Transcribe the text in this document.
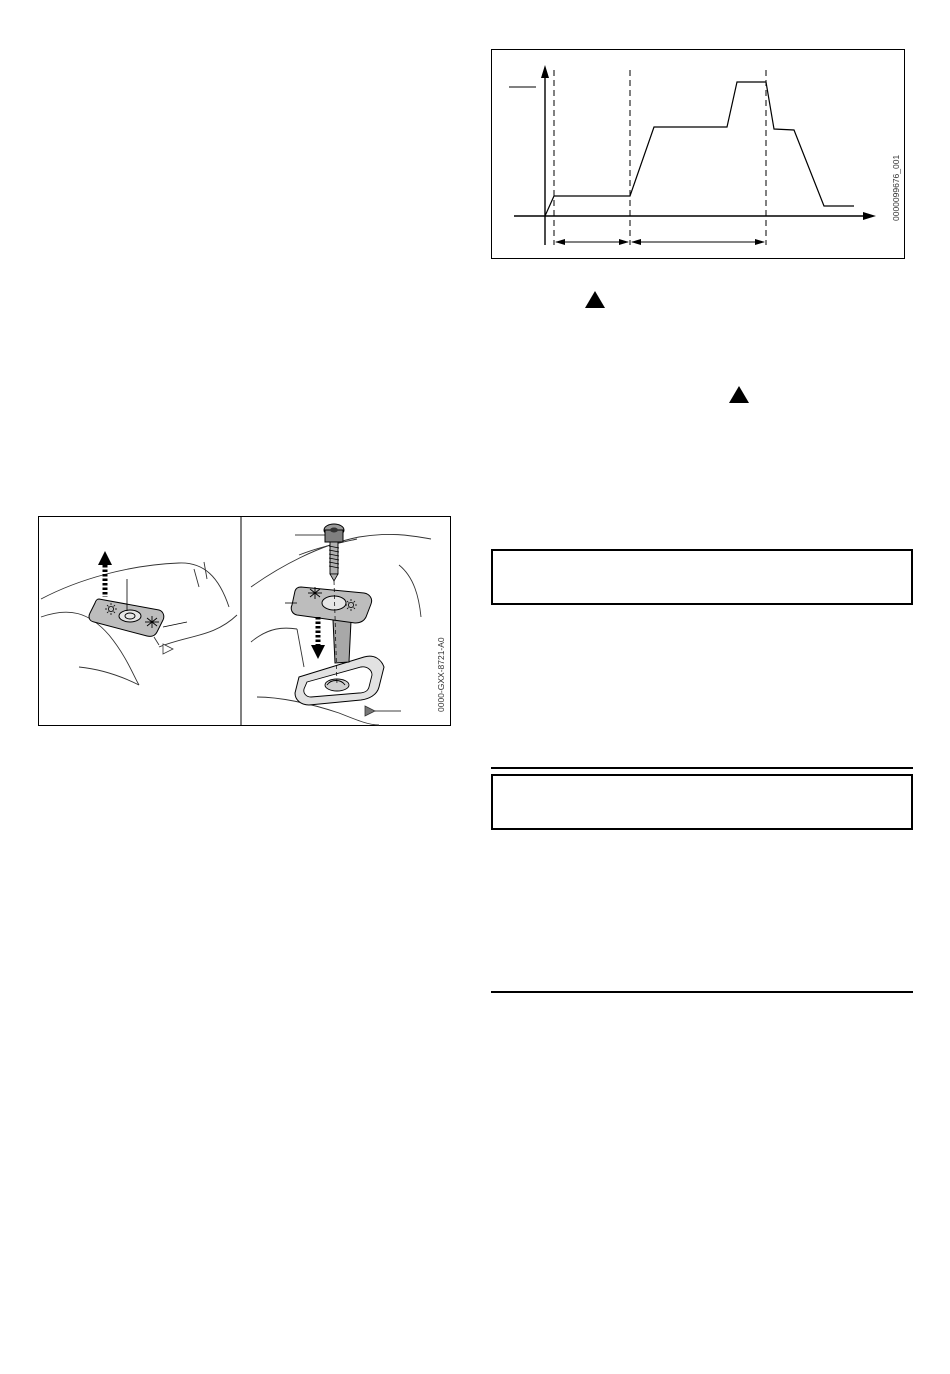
0000099676_001
0000-GXX-8721-A0
